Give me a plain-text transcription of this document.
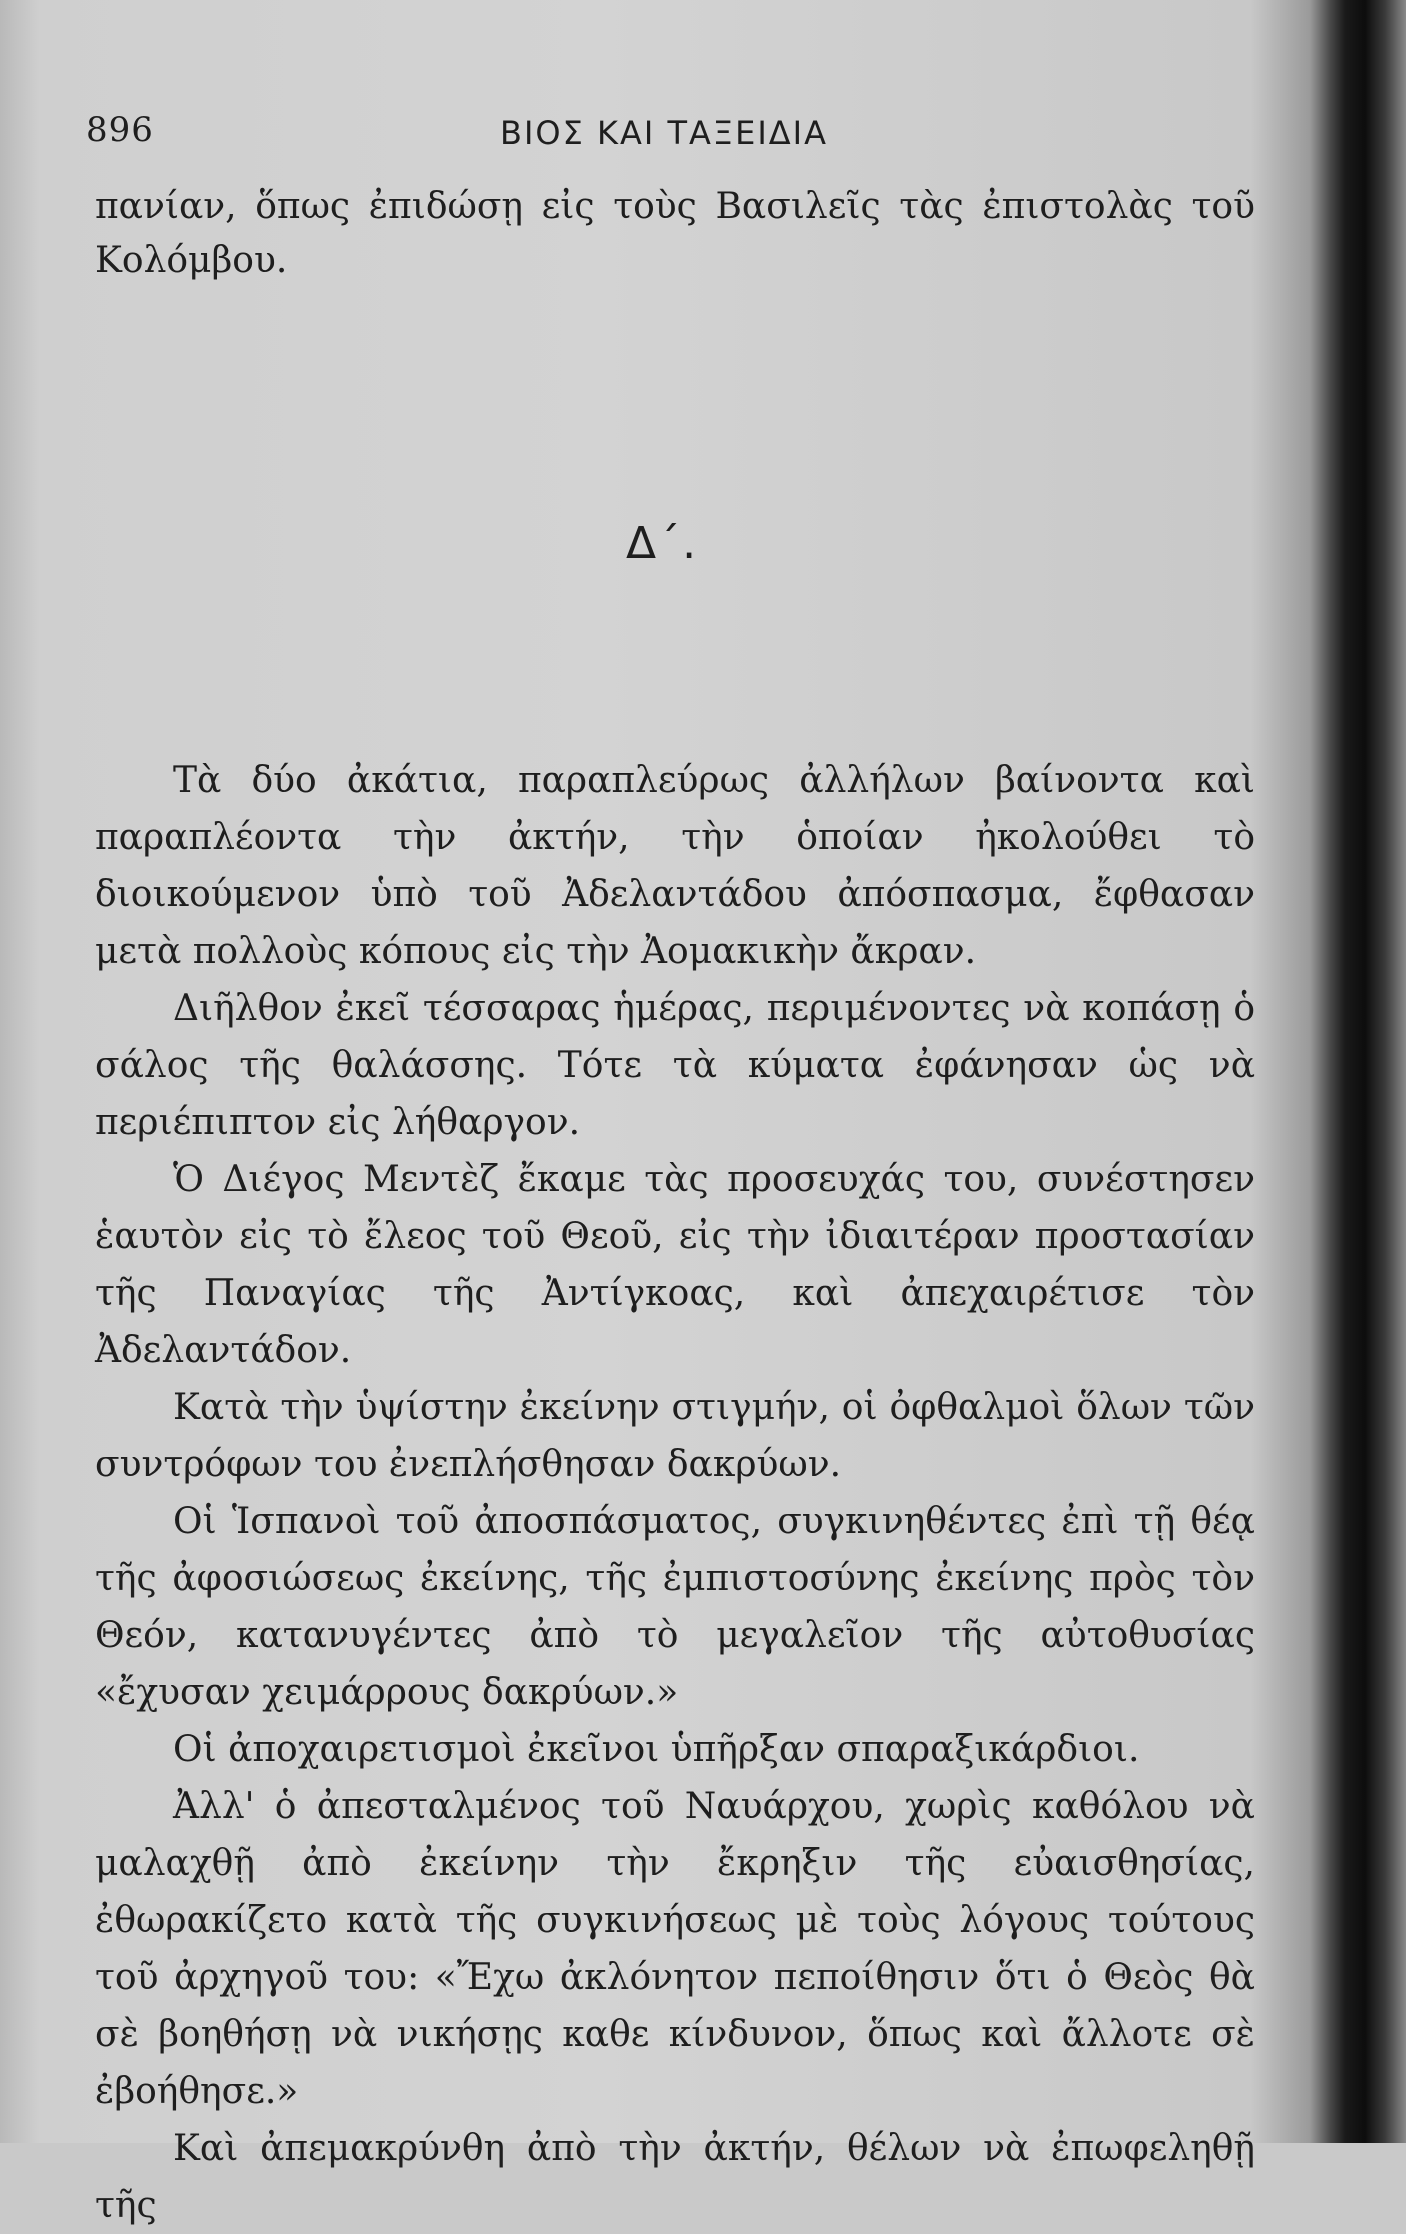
896	ΒΙΟΣ ΚΑΙ ΤΑΞΕΙΔΙΑ

πανίαν, ὅπως ἐπιδώσῃ εἰς τοὺς Βασιλεῖς τὰς ἐπιστολὰς τοῦ Κολόμβου.

Δ΄.

Τὰ δύο ἀκάτια, παραπλεύρως ἀλλήλων βαίνοντα καὶ παραπλέοντα τὴν ἀκτήν, τὴν ὁποίαν ἠκολούθει τὸ διοικούμενον ὑπὸ τοῦ Ἀδελαντάδου ἀπόσπασμα, ἔφθασαν μετὰ πολλοὺς κόπους εἰς τὴν Ἀομακικὴν ἄκραν.

Διῆλθον ἐκεῖ τέσσαρας ἡμέρας, περιμένοντες νὰ κοπάσῃ ὁ σάλος τῆς θαλάσσης. Τότε τὰ κύματα ἐφάνησαν ὡς νὰ περιέπιπτον εἰς λήθαργον.

Ὁ Διέγος Μεντὲζ ἔκαμε τὰς προσευχάς του, συνέστησεν ἑαυτὸν εἰς τὸ ἔλεος τοῦ Θεοῦ, εἰς τὴν ἰδιαιτέραν προστασίαν τῆς Παναγίας τῆς Ἀντίγκοας, καὶ ἀπεχαιρέτισε τὸν Ἀδελαντάδον.

Κατὰ τὴν ὑψίστην ἐκείνην στιγμήν, οἱ ὀφθαλμοὶ ὅλων τῶν συντρόφων του ἐνεπλήσθησαν δακρύων.

Οἱ Ἱσπανοὶ τοῦ ἀποσπάσματος, συγκινηθέντες ἐπὶ τῇ θέᾳ τῆς ἀφοσιώσεως ἐκείνης, τῆς ἐμπιστοσύνης ἐκείνης πρὸς τὸν Θεόν, κατανυγέντες ἀπὸ τὸ μεγαλεῖον τῆς αὐτοθυσίας «ἔχυσαν χειμάρρους δακρύων.»

Οἱ ἀποχαιρετισμοὶ ἐκεῖνοι ὑπῆρξαν σπαραξικάρδιοι.

Ἀλλ' ὁ ἀπεσταλμένος τοῦ Ναυάρχου, χωρὶς καθόλου νὰ μαλαχθῇ ἀπὸ ἐκείνην τὴν ἔκρηξιν τῆς εὐαισθησίας, ἐθωρακίζετο κατὰ τῆς συγκινήσεως μὲ τοὺς λόγους τούτους τοῦ ἀρχηγοῦ του: «Ἔχω ἀκλόνητον πεποίθησιν ὅτι ὁ Θεὸς θὰ σὲ βοηθήσῃ νὰ νικήσῃς καθε κίνδυνον, ὅπως καὶ ἄλλοτε σὲ ἐβοήθησε.»

Καὶ ἀπεμακρύνθη ἀπὸ τὴν ἀκτήν, θέλων νὰ ἐπωφεληθῇ τῆς
